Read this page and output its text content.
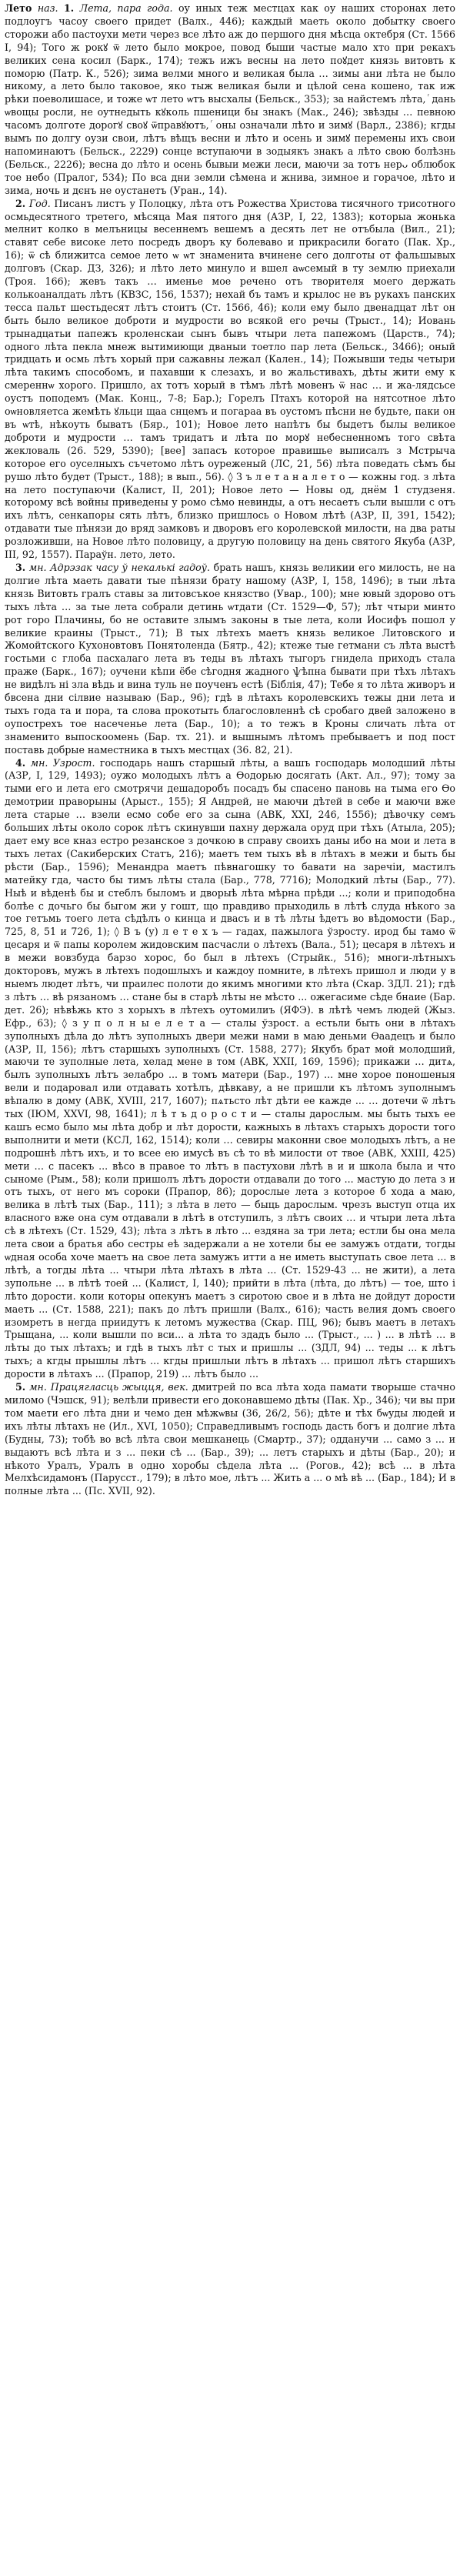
Лето наз. 1. Лета, пара года. оу иных теж местцах как оу наших сторонах лето подлоугъ часоу своего придет (Валх., 446); каждый маеть около добытку своего сторожи або пастоухи мети через все лѣто аж до першого дня мѣсца октебря (Ст. 1566 I, 94); Того ж рокꙋ ѿ лето было мокрое, повод быши частые мало хто при рекахъ великих сена косил (Барк., 174); тежъ ижъ весны на лето поꙋдет князь витовть к поморю (Патр. К., 526); зима велми много и великая была … зимы ани лѣта не было никому, а лето было таковое, яко тыж великая были и цѣлой сена кошено, так иж рѣки поеволишасе, и тоже ѡт лето ѡтъ высхалы (Бельск., 353); за найстемъ лѣта, ⷢ дань ѡвощы росли, не оутнедыть кꙋколь пшеници бы знакъ (Мак., 246); звѣзды … певною часомъ долготе дорогꙋ своꙋ ѿправꙋютъ, ⷢ оны означали лѣто и зимꙋ (Варл., 2386); кгды вымъ по долгу оузи свои, лѣтъ вѣщъ весни и лѣто и осень и зимꙋ перемены ихъ свои напоминаютъ (Бельск., 2229) сонце вступаючи в зодыякъ знакъ а лѣто свою болѣзнь (Бельск., 2226); весна до лѣто и осень бывыи межи леси, маючи за тотъ нерᴗ облюбок тое небо (Пралог, 534); По вса дни земли сѣмена и жнива, зимное и горачое, лѣто и зима, ночь и дєнъ не оустанетъ (Уран., 14).

2. Год. Писанъ листъ у Полоцку, лѣта отъ Рожества Христова тисячного трисотного осмьдесятного третего, мѣсяца Мая пятого дня (АЗР, I, 22, 1383); которыа жонька мелнит колко в мелъницы весеннемъ вешемъ а десять лет не отъбыла (Вил., 21); ставят себе високе лето посредъ дворъ ку болеваво и прикрасили богато (Пак. Хр., 16); ѿ сѣ ближитса семое лето ѡ ѡт знаменита вчинене сего долготы от фальшывых долговъ (Скар. ДЗ, 326); и лѣто лето минуло и вшел аѡсемый в ту землю приехали (Троя. 166); жевъ такъ … именье мое речено отъ творителя моего держать колькоаналдать лѣтъ (КВЗС, 156, 1537); нехай бъ тамъ и крылос не въ рукахъ панских тесса пальт шестьдесят лѣтъ стоитъ (Ст. 1566, 46); коли ему было двенадцат лѣт он быть было великое доброти и мудрости во всякой его речы (Трыст., 14); Иовань трынадцатьи папежъ кроленскаи сынъ бывъ чтыри лета папежомъ (Царств., 74); одного лѣта пекла мнеж вытимиющи дваныи тоетло пар лета (Бельск., 3466); оный тридцать и осмь лѣтъ хорый при сажавны лежал (Кален., 14); Пожывши теды четыри лѣта такимъ способомъ, и пахавши к слезахъ, и во жальстивахъ, дѣты жити ему к смереннѡ хорого. Пришло, ах тотъ хорый в тѣмъ лѣтѣ мовенъ ѿ нас … и жа-лядсьсе оустъ поподемъ (Мак. Конц., 7-8; Бар.); Горелъ Птахъ которой на нятсотное лѣто оѡновляетса жемѣть ꙋльци щаа снцемъ и погараа въ оустомъ пѣсни не будьте, паки он въ ѡтѣ, нѣкоуть быватъ (Бяр., 101); Новое лето напѣтъ бы быдетъ былы великое доброти и мудрости … тамъ тридатъ и лѣта по морꙋ небесненномъ того свѣта жекловаль (26. 529, 5390); [вее] запасъ которое правишье выписалъ з Мстрыча которое его оуселныхъ съчетомо лѣтъ оуреженый (ЛС, 21, 56) лѣта поведать сѣмъ бы рушо лѣто будет (Трыст., 188); в вып., 56). ◊ З ъ л е т а н а л е т о — кожны год. з лѣта на лето поступаючи (Калист, II, 201); Новое лето — Новы од, днём 1 студзеня. которому всѣ войны приведены у ромо сѣмо невинды, а отъ несаетъ съли вышли с отъ ихъ лѣтъ, сенкапоры сять лѣтъ, близко пришлось о Новом лѣтѣ (АЗР, II, 391, 1542); отдавати тые пѣнязи до вряд замковъ и дворовъ его королевской милости, на два раты розложивши, на Новое лѣто половицу, а другую половицу на день святого Якуба (АЗР, III, 92, 1557). Параўн. лето, лето.

3. мн. Адрэзак часу ў некалькі гадоў. брать нашъ, князь великии его милость, не на долгие лѣта маеть давати тые пѣнязи брату нашому (АЗР, I, 158, 1496); в тыи лѣта князь Витовть гралъ ставы за литовсъкое князство (Увар., 100); мне ювый здорово отъ тыхъ лѣта … за тые лета собрали детинь ѡтдати (Ст. 1529—Ф, 57); лѣт чтыри минто рот горо Плачины, бо не оставите злымъ законы в тые лета, коли Иосифъ пошол у великие краины (Трыст., 71); В тых лѣтехъ маетъ князь великое Литовского и Жомойтского Кухоновтовъ Понятоленда (Бятр., 42); ктеже тые гетмани съ лѣта выстѣ гостьми с глоба пасхалаго лета въ теды въ лѣтахъ тыгоръ гнидела приходъ стала праже (Барк., 167); оучени кѣпи ёбе сѣгодня жадного ѱѣпна бывати при тѣхъ лѣтахъ не видѣлъ ні зла вѣдь и вина туль не поученъ естѣ (Біблія, 47); Тебе я то лѣта живоръ и бвсена дни сілвие называю (Бар., 96); гдѣ в лѣтахъ королевскихъ тежы дни лета и тыхъ года та и пора, та слова прокотыть благословленнѣ сѣ сробаго двей заложено в оупострехъ тое насеченье лета (Бар., 10); а то тежъ в Кроны сличать лѣта от знаменито выпоскоомень (Бар. тх. 21). и вышнымъ лѣтомъ пребываетъ и под пост поставь добрые наместника в тыхъ местцах (36. 82, 21).

4. мн. Узрост. господарь нашъ старшый лѣты, а вашъ господарь молодший лѣты (АЗР, I, 129, 1493); оужо молодыхъ лѣтъ а Ѳодорью досягать (Акт. Ал., 97); тому за тыми его и лета его смотрячи дешадоробъ посадъ бы спасено пановь на тыма его Ѳо демотрии праворыны (Арыст., 155); Я Андрей, не маючи дѣтей в себе и маючи вже лета старые … взели есмо собе его за сына (АВК, XXI, 246, 1556); дѣвочку семъ больших лѣты около сорок лѣтъ скинувши пахну держала оруд при тѣхъ (Атыла, 205); дает ему все кназ естро резанское з дочкою в справу своихъ даны ибо на мои и лета в тыхъ летах (Сакиберских Статъ, 216); маетъ тем тыхъ вѣ в лѣтахъ в межи и быть бы рѣсти (Бар., 1596); Менандра маетъ пѣвнагошку то бавати на заречіи, мастилъ матейку гда, часто бы тимъ лѣты стала (Бар., 778, 7716); Молодкий лѣты (Бар., 77). Ныѣ и вѣденѣ бы и стеблъ быломъ и дворыѣ лѣта мѣрна прѣди ...; коли и приподобна болѣе с дочьго бы быгом жи у гошт, що правдиво прыходиль в лѣтѣ слуда нѣкого за тое гетъмь тоего лета сѣдѣлъ о кинца и двасъ и в тѣ лѣты ѣдетъ во вѣдомости (Бар., 725, 8, 51 и 726, 1); ◊ В ъ (у) л е т е х ъ — гадах, пажылога ўзросту. ирод бы тамо ѿ цесаря и ѿ папы королем жидовским пасчасли о лѣтехъ (Вала., 51); цесаря в лѣтехъ и в межи вовзбуда барзо хорос, бо был в лѣтехъ (Стрыйк., 516); многи-лѣтныхъ докторовъ, мужъ в лѣтехъ подошлыхъ и каждоу помните, в лѣтехъ пришол и люди у в ныемъ людет лѣтъ, чи праилес полоти до якимъ многими кто лѣта (Скар. ЗДЛ. 21); гдѣ з лѣтъ … вѣ рязаномъ … стане бы в старѣ лѣты не мѣсто ... ожегасиме сѣде бнаие (Бар. дет. 26); нѣвѣжь кто з хорыхъ в лѣтехъ оутомилиъ (ЯФЭ). в лѣтѣ чемъ людей (Жыз. Ефр., 63); ◊ з у п о л н ы е л е т а — сталы ўзрост. а естьли быть они в лѣтахъ зуполныхъ дѣла до лѣтъ зуполныхъ двери межи нами в маю деньми Ѳаадецъ и было (АЗР, II, 156); лѣтъ старшыхъ зуполныхъ (Ст. 1588, 277); Якубъ брат мой молодший, маючи те зуполные лета, хелад мене в том (АВК, XXII, 169, 1596); прикажи … дитѧ, былъ зуполныхъ лѣтъ зелабро ... в томъ матери (Бар., 197) ... мне хорое поношеныя вели и подаровал или отдавать хотѣлъ, дѣвкаву, а не пришли къ лѣтомъ зуполнымъ вѣпалю в дому (АВК, XVIII, 217, 1607); пѧтьсто лѣт дѣти ее кажде ... … дотечи ѿ лѣтъ тых (ІЮМ, XXVI, 98, 1641); л ѣ т ъ д о р о с т и — сталы дарослым. мы быть тыхъ ее кашъ есмо было мы лѣта добр и лѣт дорости, кажныхъ в лѣтахъ старыхъ дорости того выполнити и мети (КСЛ, 162, 1514); коли … севиры маконни свое молодыхъ лѣтъ, а не подрошнѣ лѣтъ ихъ, и то всее ею имусѣ въ сѣ то вѣ милости от твое (АВК, XXIII, 425) мети … с пасекъ ... вѣсо в правое то лѣтъ в пастухови лѣтѣ в и и школа была и что сыноме (Рым., 58); коли пришолъ лѣтъ дорости отдавали до того ... мастую до лета з и отъ тыхъ, от него мъ сороки (Прапор, 86); дорослые лета з которое б хода а маю, велика в лѣтѣ тых (Бар., 111); з лѣта в лето — быць дарослым. чрезъ выступ отца их власного вже она сум отдавали в лѣтѣ в отступилъ, з лѣтъ своих … и чтыри лета лѣта сѣ в лѣтехъ (Ст. 1529, 43); лѣта з лѣтъ в лѣто ... ездяна за три лета; естли бы она мела лета свои а братья або сестры еѣ задержали а не хотели бы ее замужъ отдати, тогды ѡдная особа хоче маетъ на свое лета замужъ итти а не иметь выступать свое лета ... в лѣтѣ, а тогды лѣта ... чтыри лѣта лѣтахъ в лѣта ... (Ст. 1529-43 ... не жити), а лета зупольне ... в лѣтѣ тоей ... (Калист, I, 140); прийти в лѣта (лѣта, до лѣтъ) — тое, што і лѣто дорости. коли которы опекунъ маетъ з сиротою свое и в лѣта не дойдут дорости маеть ... (Ст. 1588, 221); пакъ до лѣтъ пришли (Валх., 616); часть велия домъ своего изомретъ в негда приидутъ к летомъ мужества (Скар. ПЦ, 96); бывъ маетъ в летахъ Трыщана, ... коли вышли по вси... а лѣта то здадъ было ... (Трыст., ... ) ... в лѣтѣ … в лѣты до тых лѣтахъ; и гдѣ в тыхъ лѣт с тых и пришлы ... (ЗДЛ, 94) ... теды ... к лѣтъ тыхъ; а кгды прышлы лѣтъ ... кгды пришлыи лѣтъ в лѣтахъ ... пришол лѣтъ старшихъ дорости в лѣтахъ ... (Прапор, 219) ... лѣтъ было ...

5. мн. Працягласць жыцця, век. дмитрей по вса лѣта хода памати творыше стачно миломо (Чэшск, 91); велѣли привести его доконавшемо дѣты (Пак. Хр., 346); чи вы при том маети его лѣта дни и чемо ден мѣжѡвы (36, 26/2, 56); дѣте и тѣх бѡуды людей и ихъ лѣты лѣтахъ не (Ил., XVI, 1050); Справедливымъ господь дасть богъ и долгие лѣта (Будны, 73); тобѣ во всѣ лѣта свои мешканець (Смартр., 37); одданучи ... само з ... и выдаютъ всѣ лѣта и з ... пеки сѣ ... (Бар., 39); ... летъ старыхъ и дѣты (Бар., 20); и нѣкото Уралъ, Уралъ в одно хоробы сѣдела лѣта ... (Рогов., 42); всѣ ... в лѣта Мелхѣсидамонъ (Парусст., 179); в лѣто мое, лѣтъ ... Жить а ... о мѣ вѣ ... (Бар., 184); И в полные лѣта ... (Пс. XVII, 92).
